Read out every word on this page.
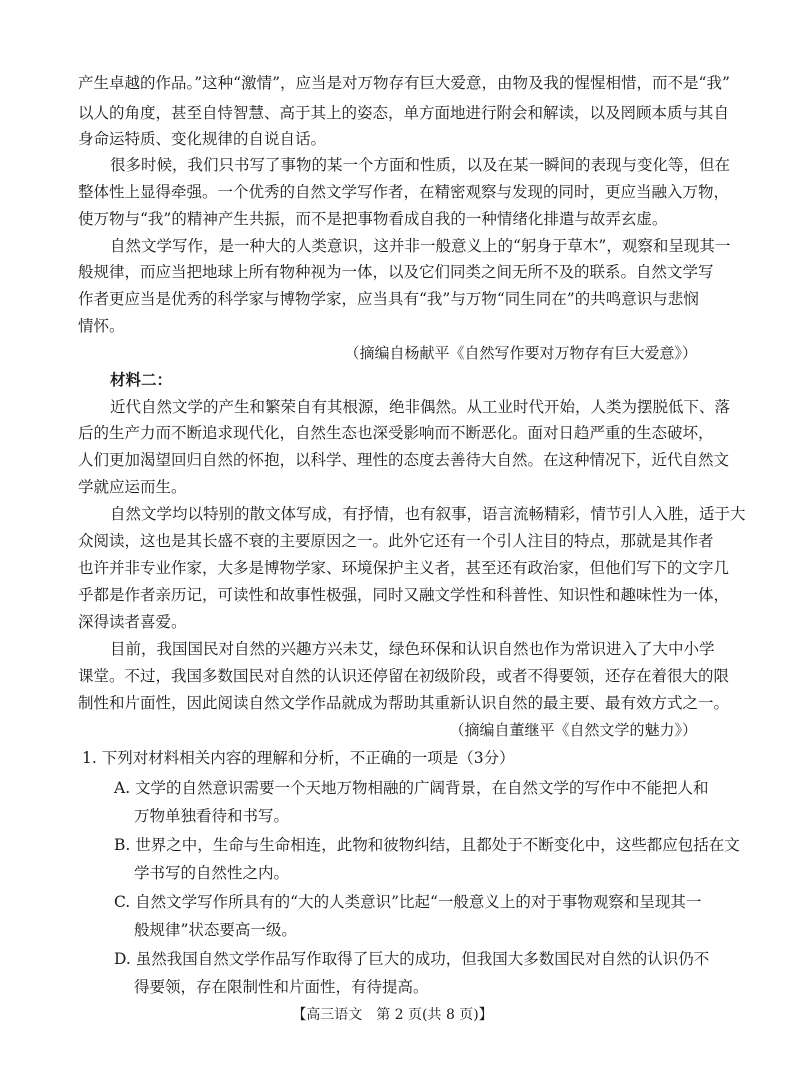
产生卓越的作品。”这种“激情”，应当是对万物存有巨大爱意，由物及我的惺惺相惜，而不是“我”
以人的角度，甚至自恃智慧、高于其上的姿态，单方面地进行附会和解读，以及罔顾本质与其自
身命运特质、变化规律的自说自话。
很多时候，我们只书写了事物的某一个方面和性质，以及在某一瞬间的表现与变化等，但在
整体性上显得牵强。一个优秀的自然文学写作者，在精密观察与发现的同时，更应当融入万物，
使万物与“我”的精神产生共振，而不是把事物看成自我的一种情绪化排遣与故弄玄虚。
自然文学写作，是一种大的人类意识，这并非一般意义上的“躬身于草木”，观察和呈现其一
般规律，而应当把地球上所有物种视为一体，以及它们同类之间无所不及的联系。自然文学写
作者更应当是优秀的科学家与博物学家，应当具有“我”与万物“同生同在”的共鸣意识与悲悯
情怀。
（摘编自杨献平《自然写作要对万物存有巨大爱意》）
材料二：
近代自然文学的产生和繁荣自有其根源，绝非偶然。从工业时代开始，人类为摆脱低下、落
后的生产力而不断追求现代化，自然生态也深受影响而不断恶化。面对日趋严重的生态破坏，
人们更加渴望回归自然的怀抱，以科学、理性的态度去善待大自然。在这种情况下，近代自然文
学就应运而生。
自然文学均以特别的散文体写成，有抒情，也有叙事，语言流畅精彩，情节引人入胜，适于大
众阅读，这也是其长盛不衰的主要原因之一。此外它还有一个引人注目的特点，那就是其作者
也许并非专业作家，大多是博物学家、环境保护主义者，甚至还有政治家，但他们写下的文字几
乎都是作者亲历记，可读性和故事性极强，同时又融文学性和科普性、知识性和趣味性为一体，
深得读者喜爱。
目前，我国国民对自然的兴趣方兴未艾，绿色环保和认识自然也作为常识进入了大中小学
课堂。不过，我国多数国民对自然的认识还停留在初级阶段，或者不得要领，还存在着很大的限
制性和片面性，因此阅读自然文学作品就成为帮助其重新认识自然的最主要、最有效方式之一。
（摘编自董继平《自然文学的魅力》）
1. 下列对材料相关内容的理解和分析，不正确的一项是（3分）
A. 文学的自然意识需要一个天地万物相融的广阔背景，在自然文学的写作中不能把人和
万物单独看待和书写。
B. 世界之中，生命与生命相连，此物和彼物纠结，且都处于不断变化中，这些都应包括在文
学书写的自然性之内。
C. 自然文学写作所具有的“大的人类意识”比起“一般意义上的对于事物观察和呈现其一
般规律”状态要高一级。
D. 虽然我国自然文学作品写作取得了巨大的成功，但我国大多数国民对自然的认识仍不
得要领，存在限制性和片面性，有待提高。
【高三语文　第 2 页(共 8 页)】
